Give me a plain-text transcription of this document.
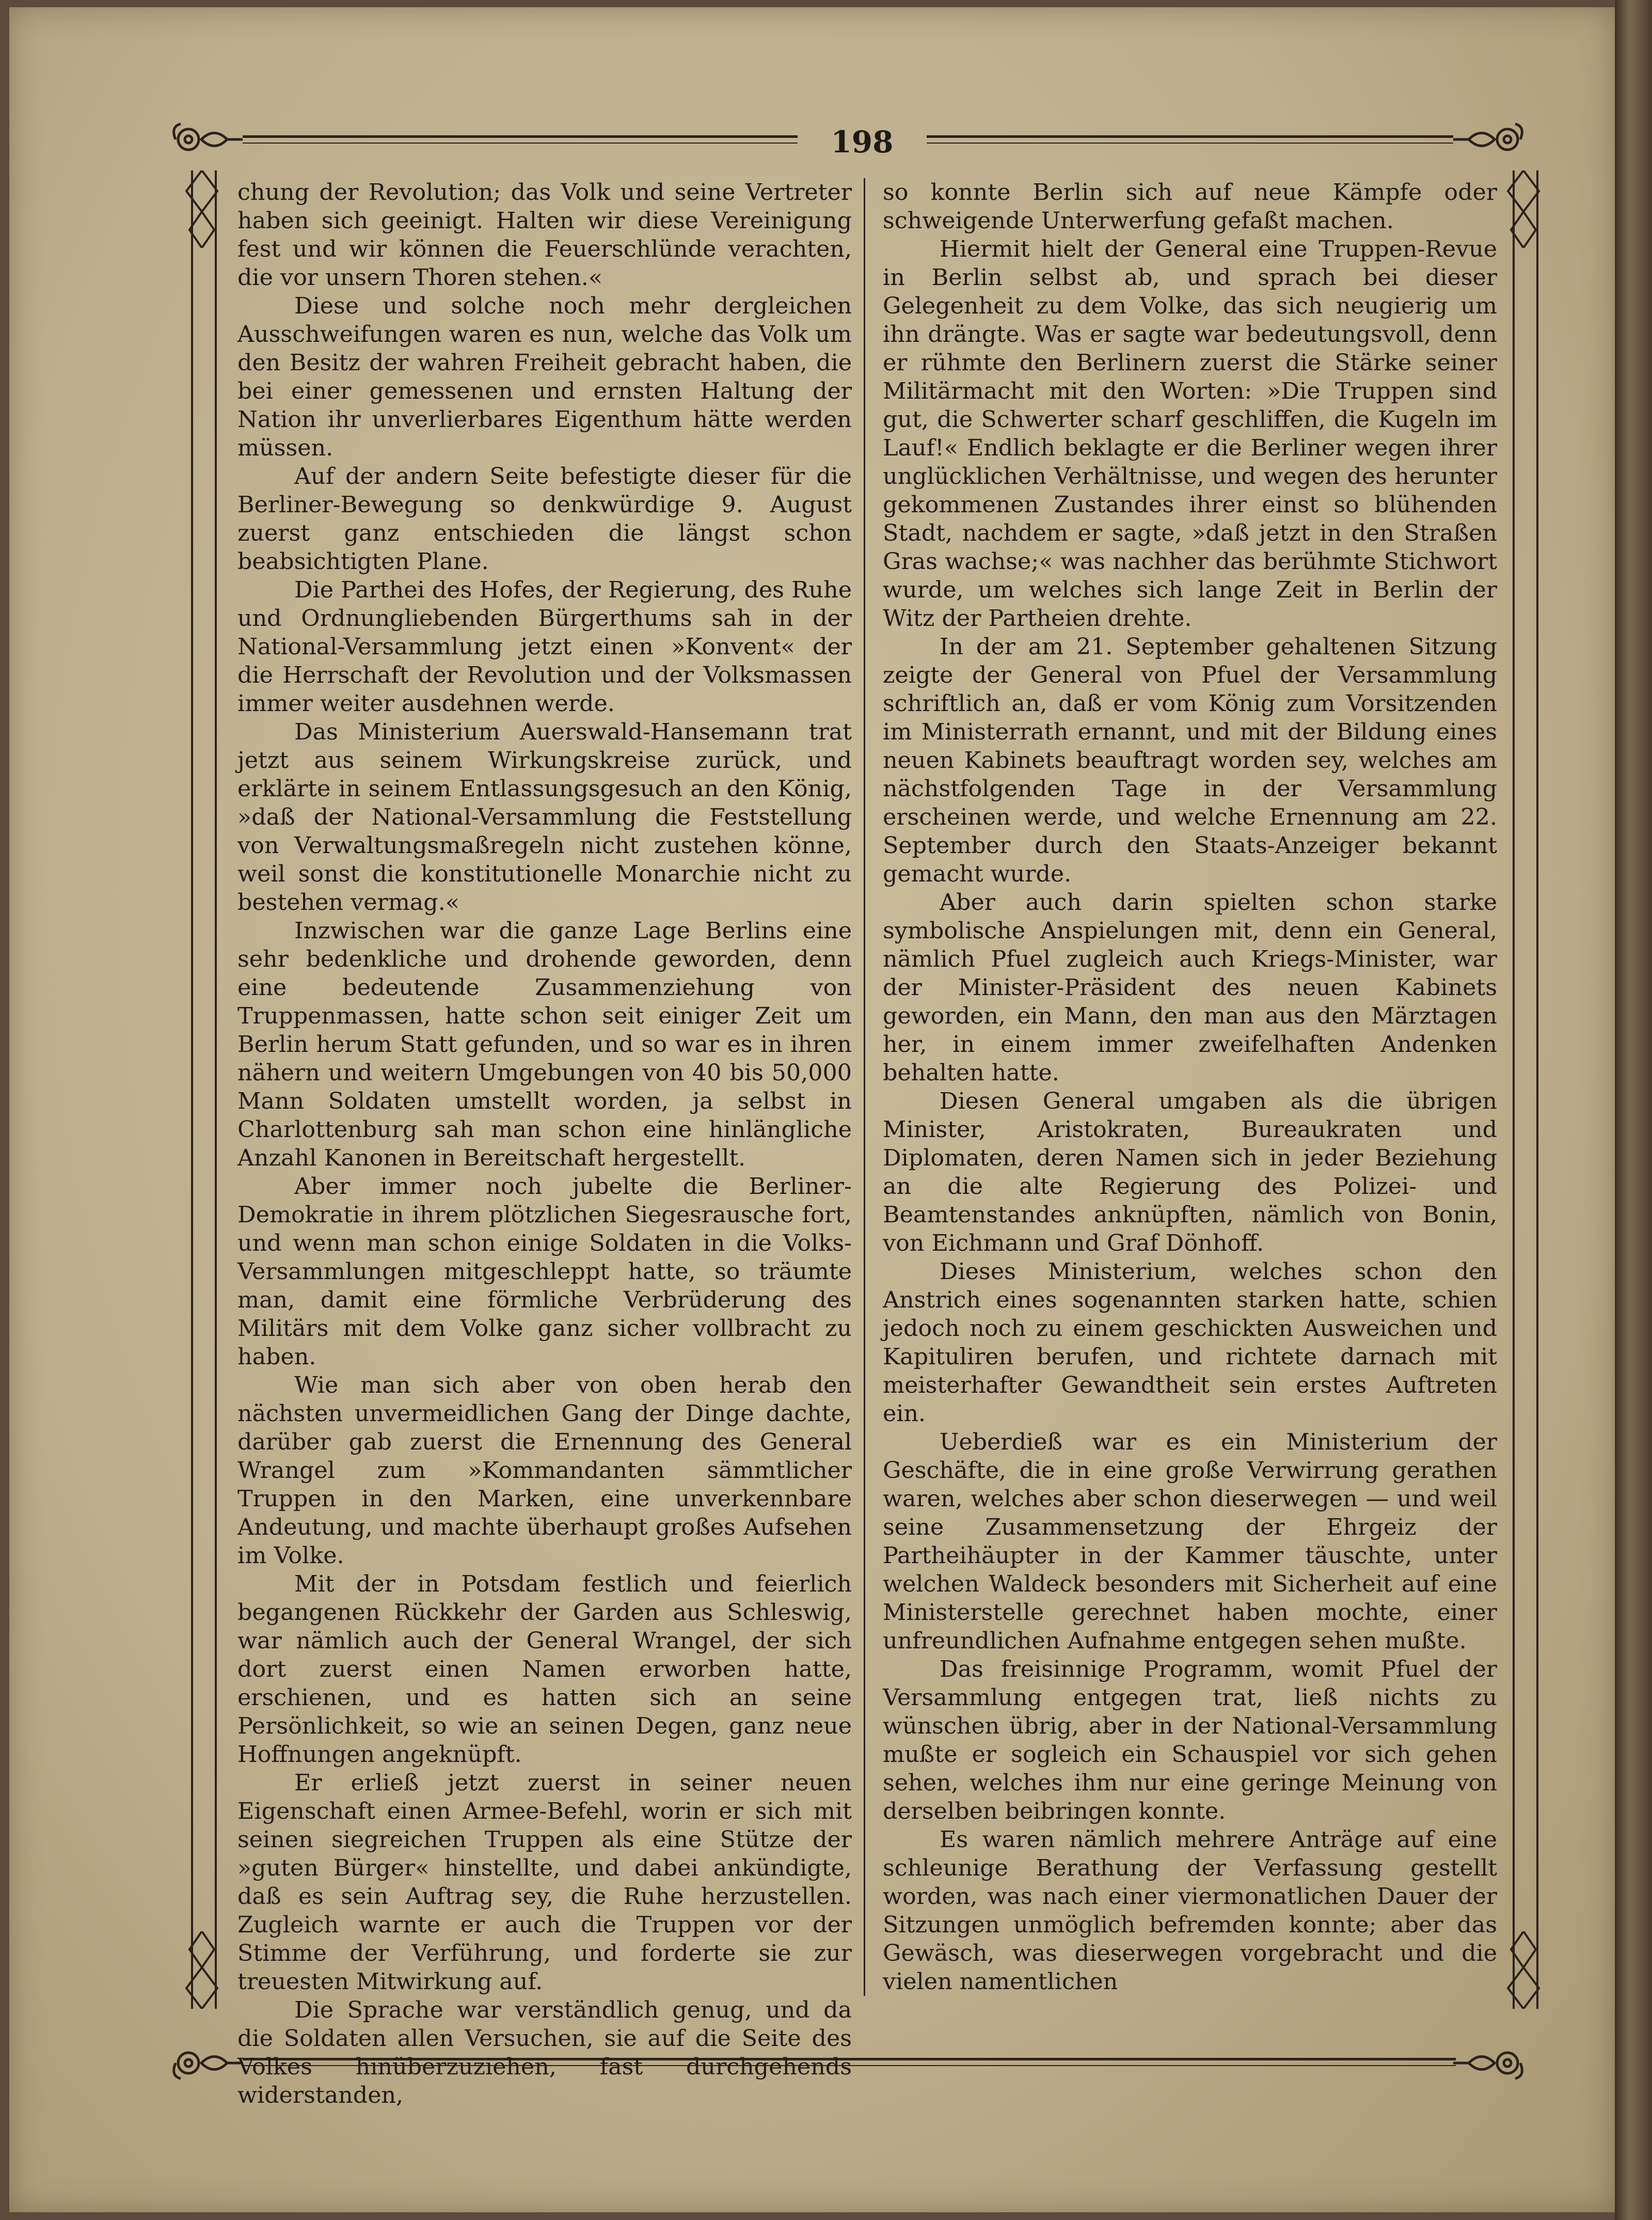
198

chung der Revolution; das Volk und seine Vertreter haben sich geeinigt. Halten wir diese Vereinigung fest und wir können die Feuerschlünde verachten, die vor unsern Thoren stehen.«

Diese und solche noch mehr dergleichen Ausschweifungen waren es nun, welche das Volk um den Besitz der wahren Freiheit gebracht haben, die bei einer gemessenen und ernsten Haltung der Nation ihr unverlierbares Eigenthum hätte werden müssen.

Auf der andern Seite befestigte dieser für die Berliner-Bewegung so denkwürdige 9. August zuerst ganz entschieden die längst schon beabsichtigten Plane.

Die Parthei des Hofes, der Regierung, des Ruhe und Ordnungliebenden Bürgerthums sah in der National-Versammlung jetzt einen »Konvent« der die Herrschaft der Revolution und der Volksmassen immer weiter ausdehnen werde.

Das Ministerium Auerswald-Hansemann trat jetzt aus seinem Wirkungskreise zurück, und erklärte in seinem Entlassungsgesuch an den König, »daß der National-Versammlung die Feststellung von Verwaltungsmaßregeln nicht zustehen könne, weil sonst die konstitutionelle Monarchie nicht zu bestehen vermag.«

Inzwischen war die ganze Lage Berlins eine sehr bedenkliche und drohende geworden, denn eine bedeutende Zusammenziehung von Truppenmassen, hatte schon seit einiger Zeit um Berlin herum Statt gefunden, und so war es in ihren nähern und weitern Umgebungen von 40 bis 50,000 Mann Soldaten umstellt worden, ja selbst in Charlottenburg sah man schon eine hinlängliche Anzahl Kanonen in Bereitschaft hergestellt.

Aber immer noch jubelte die Berliner-Demokratie in ihrem plötzlichen Siegesrausche fort, und wenn man schon einige Soldaten in die Volks-Versammlungen mitgeschleppt hatte, so träumte man, damit eine förmliche Verbrüderung des Militärs mit dem Volke ganz sicher vollbracht zu haben.

Wie man sich aber von oben herab den nächsten unvermeidlichen Gang der Dinge dachte, darüber gab zuerst die Ernennung des General Wrangel zum »Kommandanten sämmtlicher Truppen in den Marken, eine unverkennbare Andeutung, und machte überhaupt großes Aufsehen im Volke.

Mit der in Potsdam festlich und feierlich begangenen Rückkehr der Garden aus Schleswig, war nämlich auch der General Wrangel, der sich dort zuerst einen Namen erworben hatte, erschienen, und es hatten sich an seine Persönlichkeit, so wie an seinen Degen, ganz neue Hoffnungen angeknüpft.

Er erließ jetzt zuerst in seiner neuen Eigenschaft einen Armee-Befehl, worin er sich mit seinen siegreichen Truppen als eine Stütze der »guten Bürger« hinstellte, und dabei ankündigte, daß es sein Auftrag sey, die Ruhe herzustellen. Zugleich warnte er auch die Truppen vor der Stimme der Verführung, und forderte sie zur treuesten Mitwirkung auf.

Die Sprache war verständlich genug, und da die Soldaten allen Versuchen, sie auf die Seite des Volkes hinüberzuziehen, fast durchgehends widerstanden,

so konnte Berlin sich auf neue Kämpfe oder schweigende Unterwerfung gefaßt machen.

Hiermit hielt der General eine Truppen-Revue in Berlin selbst ab, und sprach bei dieser Gelegenheit zu dem Volke, das sich neugierig um ihn drängte. Was er sagte war bedeutungsvoll, denn er rühmte den Berlinern zuerst die Stärke seiner Militärmacht mit den Worten: »Die Truppen sind gut, die Schwerter scharf geschliffen, die Kugeln im Lauf!« Endlich beklagte er die Berliner wegen ihrer unglücklichen Verhältnisse, und wegen des herunter gekommenen Zustandes ihrer einst so blühenden Stadt, nachdem er sagte, »daß jetzt in den Straßen Gras wachse;« was nachher das berühmte Stichwort wurde, um welches sich lange Zeit in Berlin der Witz der Partheien drehte.

In der am 21. September gehaltenen Sitzung zeigte der General von Pfuel der Versammlung schriftlich an, daß er vom König zum Vorsitzenden im Ministerrath ernannt, und mit der Bildung eines neuen Kabinets beauftragt worden sey, welches am nächstfolgenden Tage in der Versammlung erscheinen werde, und welche Ernennung am 22. September durch den Staats-Anzeiger bekannt gemacht wurde.

Aber auch darin spielten schon starke symbolische Anspielungen mit, denn ein General, nämlich Pfuel zugleich auch Kriegs-Minister, war der Minister-Präsident des neuen Kabinets geworden, ein Mann, den man aus den Märztagen her, in einem immer zweifelhaften Andenken behalten hatte.

Diesen General umgaben als die übrigen Minister, Aristokraten, Bureaukraten und Diplomaten, deren Namen sich in jeder Beziehung an die alte Regierung des Polizei- und Beamtenstandes anknüpften, nämlich von Bonin, von Eichmann und Graf Dönhoff.

Dieses Ministerium, welches schon den Anstrich eines sogenannten starken hatte, schien jedoch noch zu einem geschickten Ausweichen und Kapituliren berufen, und richtete darnach mit meisterhafter Gewandtheit sein erstes Auftreten ein.

Ueberdieß war es ein Ministerium der Geschäfte, die in eine große Verwirrung gerathen waren, welches aber schon dieserwegen — und weil seine Zusammensetzung der Ehrgeiz der Partheihäupter in der Kammer täuschte, unter welchen Waldeck besonders mit Sicherheit auf eine Ministerstelle gerechnet haben mochte, einer unfreundlichen Aufnahme entgegen sehen mußte.

Das freisinnige Programm, womit Pfuel der Versammlung entgegen trat, ließ nichts zu wünschen übrig, aber in der National-Versammlung mußte er sogleich ein Schauspiel vor sich gehen sehen, welches ihm nur eine geringe Meinung von derselben beibringen konnte.

Es waren nämlich mehrere Anträge auf eine schleunige Berathung der Verfassung gestellt worden, was nach einer viermonatlichen Dauer der Sitzungen unmöglich befremden konnte; aber das Gewäsch, was dieserwegen vorgebracht und die vielen namentlichen
